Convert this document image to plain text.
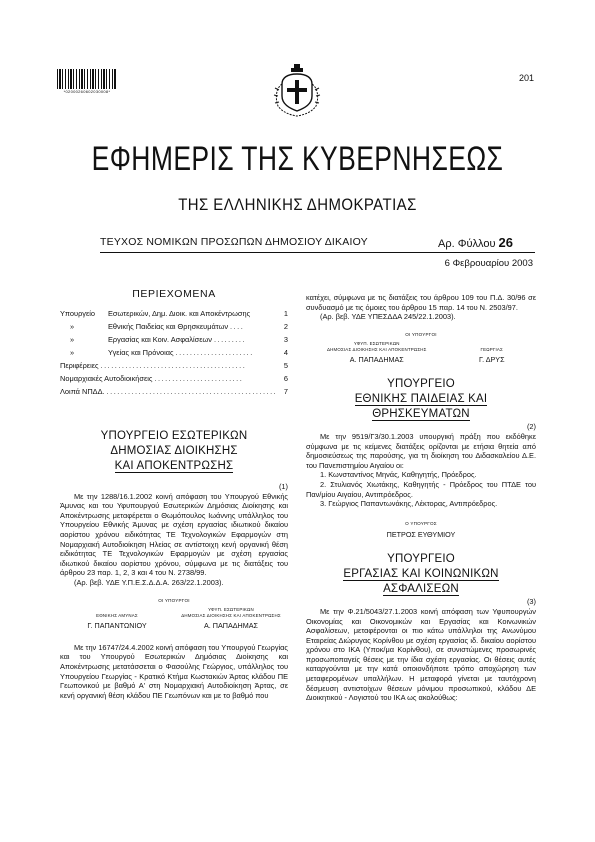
*02000260602030008*
201
ΕΦΗΜΕΡΙΣ ΤΗΣ ΚΥΒΕΡΝΗΣΕΩΣ
ΤΗΣ ΕΛΛΗΝΙΚΗΣ ΔΗΜΟΚΡΑΤΙΑΣ
ΤΕΥΧΟΣ ΝΟΜΙΚΩΝ ΠΡΟΣΩΠΩΝ ΔΗΜΟΣΙΟΥ ΔΙΚΑΙΟΥ	Αρ. Φύλλου 26
6 Φεβρουαρίου 2003
ΠΕΡΙΕΧΟΜΕΝΑ
Υπουργείο	Εσωτερικών, Δημ. Διοικ. και Αποκέντρωσης	1
»	Εθνικής Παιδείας και Θρησκευμάτων ....	2
»	Εργασίας και Κοιν. Ασφαλίσεων .........	3
»	Υγείας και Πρόνοιας ......................	4
Περιφέρειες .........................................	5
Νομαρχιακές Αυτοδιοικήσεις .........................	6
Λοιπά ΝΠΔΔ. ................................................ 7
ΥΠΟΥΡΓΕΙΟ ΕΣΩΤΕΡΙΚΩΝ
ΔΗΜΟΣΙΑΣ ΔΙΟΙΚΗΣΗΣ
ΚΑΙ ΑΠΟΚΕΝΤΡΩΣΗΣ
(1)
Με την 1288/16.1.2002 κοινή απόφαση του Υπουργού Εθνικής Άμυνας και του Υφυπουργού Εσωτερικών Δημόσιας Διοίκησης και Αποκέντρωσης μεταφέρεται ο Θωμόπουλος Ιωάννης υπάλληλος του Υπουργείου Εθνικής Άμυνας με σχέση εργασίας ιδιωτικού δικαίου αορίστου χρόνου ειδικότητας ΤΕ Τεχνολογικών Εφαρμογών στη Νομαρχιακή Αυτοδιοίκηση Ηλείας σε αντίστοιχη κενή οργανική θέση ειδικότητας ΤΕ Τεχνολογικών Εφαρμογών με σχέση εργασίας ιδιωτικού δικαίου αορίστου χρόνου, σύμφωνα με τις διατάξεις του άρθρου 23 παρ. 1, 2, 3 και 4 του Ν. 2738/99.
(Αρ. βεβ. ΥΔΕ Υ.Π.Ε.Σ.Δ.Δ.Α. 263/22.1.2003).
ΟΙ ΥΠΟΥΡΓΟΙ
ΕΘΝΙΚΗΣ ΑΜΥΝΑΣ
Γ. ΠΑΠΑΝΤΩΝΙΟΥ
ΥΦΥΠ. ΕΣΩΤΕΡΙΚΩΝ
ΔΗΜΟΣΙΑΣ ΔΙΟΙΚΗΣΗΣ ΚΑΙ ΑΠΟΚΕΝΤΡΩΣΗΣ
Α. ΠΑΠΑΔΗΜΑΣ
Με την 16747/24.4.2002 κοινή απόφαση του Υπουργού Γεωργίας και του Υπουργού Εσωτερικών Δημόσιας Διοίκησης και Αποκέντρωσης μετατάσσεται ο Φασούλης Γεώργιος, υπάλληλος του Υπουργείου Γεωργίας - Κρατικό Κτήμα Κωστακιών Άρτας κλάδου ΠΕ Γεωπονικού με βαθμό Α' στη Νομαρχιακή Αυτοδιοίκηση Άρτας, σε κενή οργανική θέση κλάδου ΠΕ Γεωπόνων και με το βαθμό που
κατέχει, σύμφωνα με τις διατάξεις του άρθρου 109 του Π.Δ. 30/96 σε συνδυασμό με τις όμοιες του άρθρου 15 παρ. 14 του Ν. 2503/97.
(Αρ. βεβ. ΥΔΕ ΥΠΕΣΔΔΑ 245/22.1.2003).
ΟΙ ΥΠΟΥΡΓΟΙ
ΥΦΥΠ. ΕΣΩΤΕΡΙΚΩΝ
ΔΗΜΟΣΙΑΣ ΔΙΟΙΚΗΣΗΣ ΚΑΙ ΑΠΟΚΕΝΤΡΩΣΗΣ
Α. ΠΑΠΑΔΗΜΑΣ
ΓΕΩΡΓΙΑΣ
Γ. ΔΡΥΣ
ΥΠΟΥΡΓΕΙΟ
ΕΘΝΙΚΗΣ ΠΑΙΔΕΙΑΣ ΚΑΙ ΘΡΗΣΚΕΥΜΑΤΩΝ
(2)
Με την 9519/Γ3/30.1.2003 υπουργική πράξη που εκδόθηκε σύμφωνα με τις κείμενες διατάξεις ορίζονται με ετήσια θητεία από δημοσιεύσεως της παρούσης, για τη διοίκηση του Διδασκαλείου Δ.Ε. του Πανεπιστημίου Αιγαίου οι:
1. Κωνσταντίνος Μηνάς, Καθηγητής, Πρόεδρος.
2. Στυλιανός Χιωτάκης, Καθηγητής - Πρόεδρος του ΠΤΔΕ του Παν/μίου Αιγαίου, Αντιπρόεδρος.
3. Γεώργιος Παπαντωνάκης, Λέκτορας, Αντιπρόεδρος.
Ο ΥΠΟΥΡΓΟΣ
ΠΕΤΡΟΣ ΕΥΘΥΜΙΟΥ
ΥΠΟΥΡΓΕΙΟ
ΕΡΓΑΣΙΑΣ ΚΑΙ ΚΟΙΝΩΝΙΚΩΝ ΑΣΦΑΛΙΣΕΩΝ
(3)
Με την Φ.21/5043/27.1.2003 κοινή απόφαση των Υφυπουργών Οικονομίας και Οικονομικών και Εργασίας και Κοινωνικών Ασφαλίσεων, μεταφέρονται οι πιο κάτω υπάλληλοι της Ανωνύμου Εταιρείας Διώρυγας Κορίνθου με σχέση εργασίας ιδ. δικαίου αορίστου χρόνου στο ΙΚΑ (Υποκ/μα Κορίνθου), σε συνιστώμενες προσωρινές προσωποπαγείς θέσεις με την ίδια σχέση εργασίας. Οι θέσεις αυτές καταργούνται με την κατά οποιονδήποτε τρόπο αποχώρηση των μεταφερομένων υπαλλήλων. Η μεταφορά γίνεται με ταυτόχρονη δέσμευση αντιστοίχων θέσεων μόνιμου προσωπικού, κλάδου ΔΕ Διοικητικού - Λογιστού του ΙΚΑ ως ακολούθως:
